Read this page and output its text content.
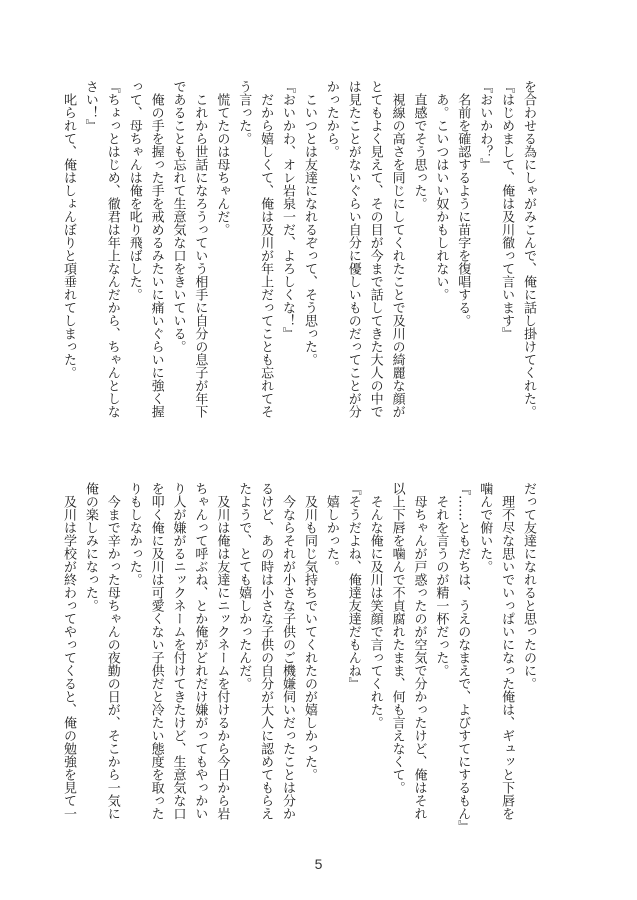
を合わせる為にしゃがみこんで、俺に話し掛けてくれた。
『はじめまして、俺は及川徹って言います』
『おいかわ？』
　名前を確認するように苗字を復唱する。
　あ。こいつはいい奴かもしれない。
　直感でそう思った。
　視線の高さを同じにしてくれたことで及川の綺麗な顔が
とてもよく見えて、その目が今まで話してきた大人の中で
は見たことがないぐらい自分に優しいものだってことが分
かったから。
　こいつとは友達になれるぞって、そう思った。
『おいかわ、オレ岩泉一だ、よろしくな！』
　だから嬉しくて、俺は及川が年上だってことも忘れてそ
う言った。
　慌てたのは母ちゃんだ。
　これから世話になろうっていう相手に自分の息子が年下
であることも忘れて生意気な口をきいている。
　俺の手を握った手を戒めるみたいに痛いぐらいに強く握
って、母ちゃんは俺を叱り飛ばした。
『ちょっとはじめ、徹君は年上なんだから、ちゃんとしな
さい！』
　叱られて、俺はしょんぼりと項垂れてしまった。
だって友達になれると思ったのに。
　理不尽な思いでいっぱいになった俺は、ギュッと下唇を
噛んで俯いた。
『……ともだちは、うえのなまえで、よびすてにするもん』
　それを言うのが精一杯だった。
　母ちゃんが戸惑ったのが空気で分かったけど、俺はそれ
以上下唇を噛んで不貞腐れたまま、何も言えなくて。
　そんな俺に及川は笑顔で言ってくれた。
『そうだよね、俺達友達だもんね』
　嬉しかった。
　及川も同じ気持ちでいてくれたのが嬉しかった。
　今ならそれが小さな子供のご機嫌伺いだったことは分か
るけど、あの時は小さな子供の自分が大人に認めてもらえ
たようで、とても嬉しかったんだ。
　及川は俺は友達にニックネームを付けるから今日から岩
ちゃんって呼ぶね、とか俺がどれだけ嫌がってもやっかい
り人が嫌がるニックネームを付けてきたけど、生意気な口
を叩く俺に及川は可愛くない子供だと冷たい態度を取った
りもしなかった。
　今まで辛かった母ちゃんの夜勤の日が、そこから一気に
俺の楽しみになった。
　及川は学校が終わってやってくると、俺の勉強を見て一
5
